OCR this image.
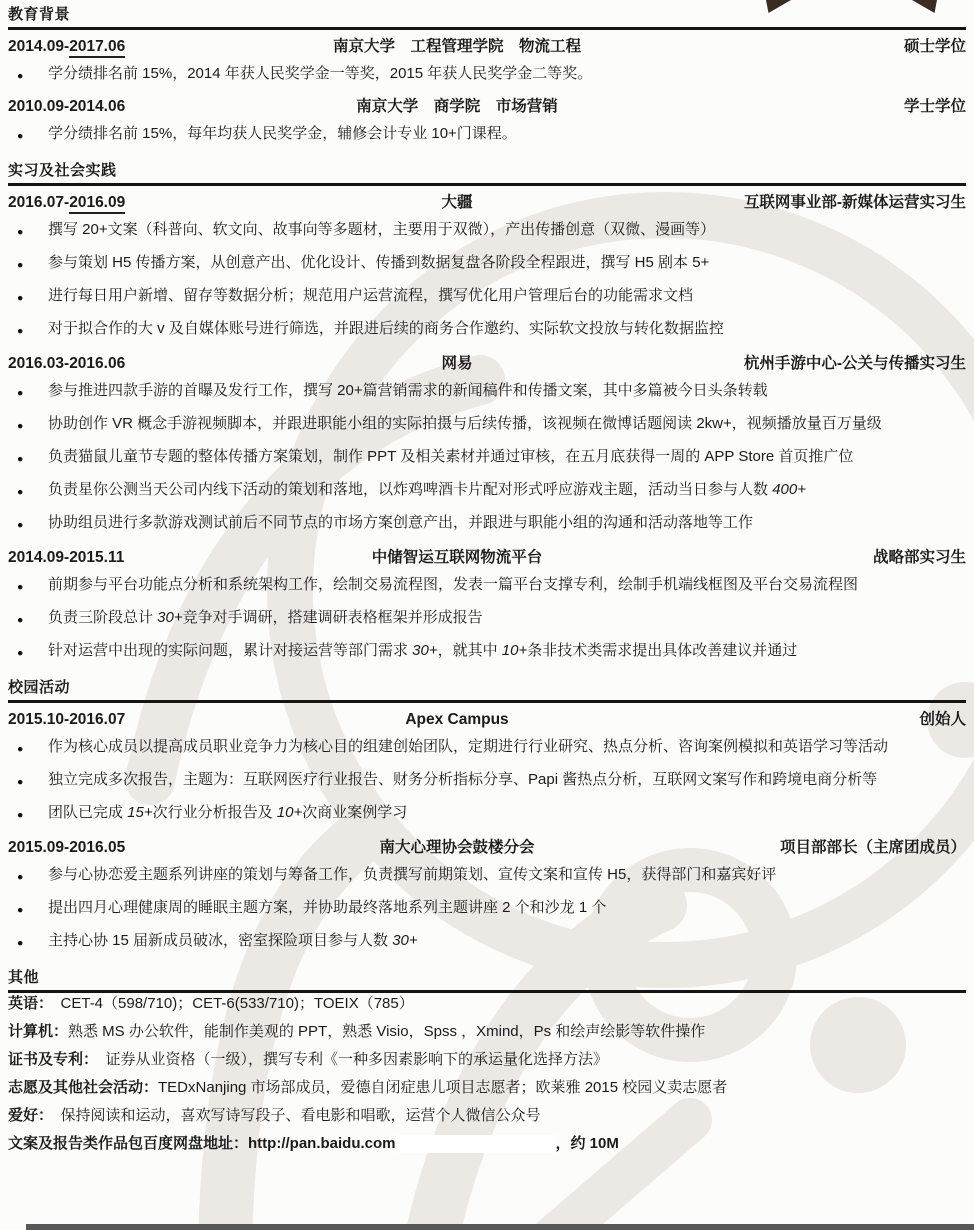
教育背景
2014.09-2017.06	南京大学　工程管理学院　物流工程	硕士学位
● 学分绩排名前 15%，2014 年获人民奖学金一等奖，2015 年获人民奖学金二等奖。
2010.09-2014.06	南京大学　商学院　市场营销	学士学位
● 学分绩排名前 15%，每年均获人民奖学金，辅修会计专业 10+门课程。
实习及社会实践
2016.07-2016.09	大疆	互联网事业部-新媒体运营实习生
● 撰写 20+文案（科普向、软文向、故事向等多题材，主要用于双微），产出传播创意（双微、漫画等）
● 参与策划 H5 传播方案，从创意产出、优化设计、传播到数据复盘各阶段全程跟进，撰写 H5 剧本 5+
● 进行每日用户新增、留存等数据分析；规范用户运营流程，撰写优化用户管理后台的功能需求文档
● 对于拟合作的大 v 及自媒体账号进行筛选，并跟进后续的商务合作邀约、实际软文投放与转化数据监控
2016.03-2016.06	网易	杭州手游中心-公关与传播实习生
● 参与推进四款手游的首曝及发行工作，撰写 20+篇营销需求的新闻稿件和传播文案，其中多篇被今日头条转载
● 协助创作 VR 概念手游视频脚本，并跟进职能小组的实际拍摄与后续传播，该视频在微博话题阅读 2kw+，视频播放量百万量级
● 负责猫鼠儿童节专题的整体传播方案策划，制作 PPT 及相关素材并通过审核，在五月底获得一周的 APP Store 首页推广位
● 负责星你公测当天公司内线下活动的策划和落地，以炸鸡啤酒卡片配对形式呼应游戏主题，活动当日参与人数 400+
● 协助组员进行多款游戏测试前后不同节点的市场方案创意产出，并跟进与职能小组的沟通和活动落地等工作
2014.09-2015.11	中储智运互联网物流平台	战略部实习生
● 前期参与平台功能点分析和系统架构工作，绘制交易流程图，发表一篇平台支撑专利，绘制手机端线框图及平台交易流程图
● 负责三阶段总计 30+竞争对手调研，搭建调研表格框架并形成报告
● 针对运营中出现的实际问题，累计对接运营等部门需求 30+，就其中 10+条非技术类需求提出具体改善建议并通过
校园活动
2015.10-2016.07	Apex Campus	创始人
● 作为核心成员以提高成员职业竞争力为核心目的组建创始团队，定期进行行业研究、热点分析、咨询案例模拟和英语学习等活动
● 独立完成多次报告，主题为：互联网医疗行业报告、财务分析指标分享、Papi 酱热点分析，互联网文案写作和跨境电商分析等
● 团队已完成 15+次行业分析报告及 10+次商业案例学习
2015.09-2016.05	南大心理协会鼓楼分会	项目部部长（主席团成员）
● 参与心协恋爱主题系列讲座的策划与筹备工作，负责撰写前期策划、宣传文案和宣传 H5，获得部门和嘉宾好评
● 提出四月心理健康周的睡眠主题方案，并协助最终落地系列主题讲座 2 个和沙龙 1 个
● 主持心协 15 届新成员破冰，密室探险项目参与人数 30+
其他
英语：　CET-4（598/710)；CET-6(533/710)；TOEIX（785）
计算机：熟悉 MS 办公软件，能制作美观的 PPT，熟悉 Visio，Spss ，Xmind，Ps 和绘声绘影等软件操作
证书及专利：　证券从业资格（一级），撰写专利《一种多因素影响下的承运量化选择方法》
志愿及其他社会活动：TEDxNanjing 市场部成员，爱德自闭症患儿项目志愿者；欧莱雅 2015 校园义卖志愿者
爱好：　保持阅读和运动，喜欢写诗写段子、看电影和唱歌，运营个人微信公众号
文案及报告类作品包百度网盘地址：http://pan.baidu.com	，约 10M
